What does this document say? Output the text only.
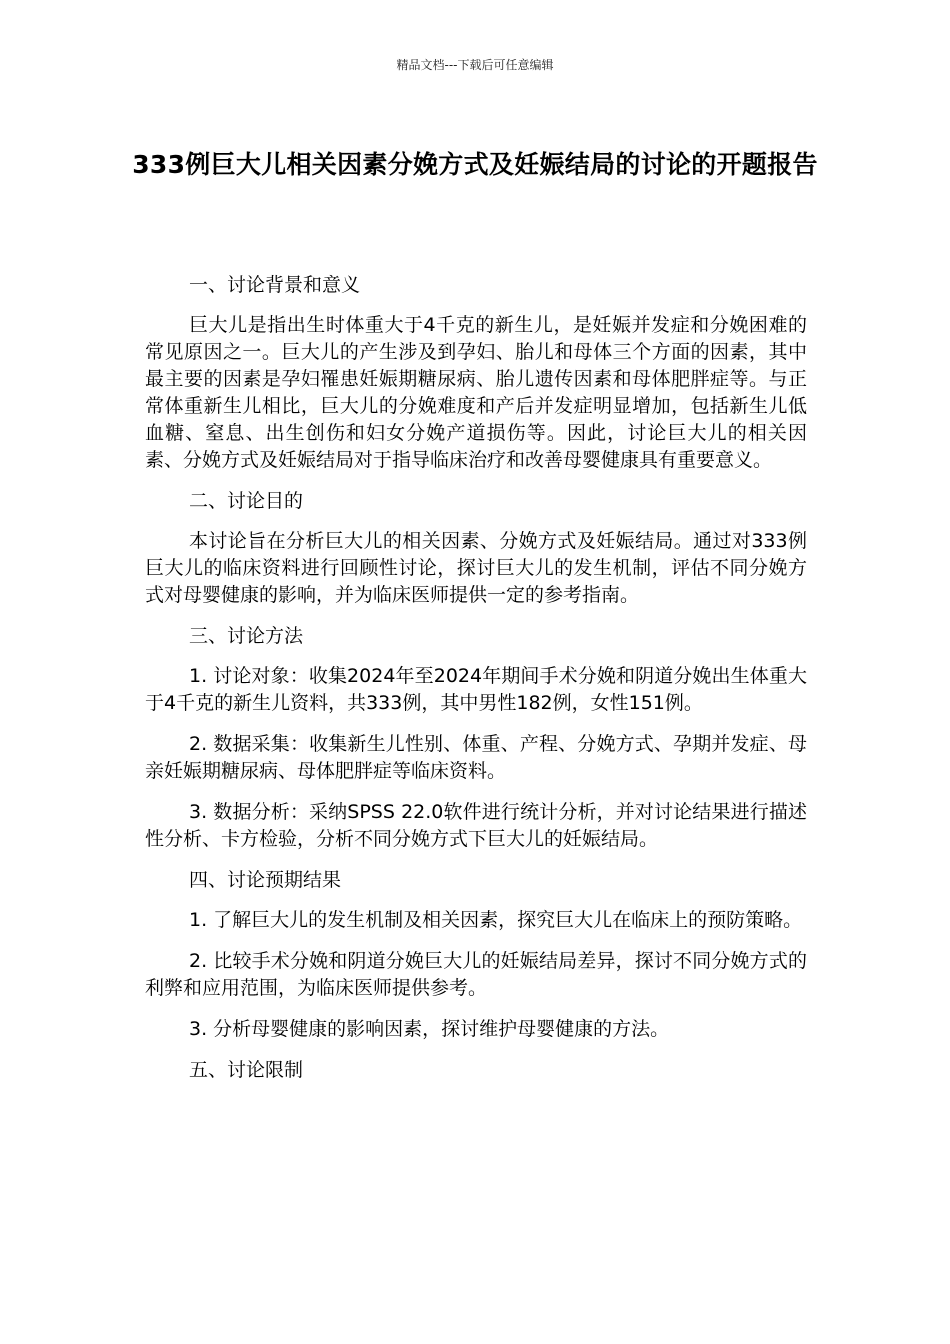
精品文档---下载后可任意编辑
333例巨大儿相关因素分娩方式及妊娠结局的讨论的开题报告

一、讨论背景和意义

巨大儿是指出生时体重大于4千克的新生儿，是妊娠并发症和分娩困难的常见原因之一。巨大儿的产生涉及到孕妇、胎儿和母体三个方面的因素，其中最主要的因素是孕妇罹患妊娠期糖尿病、胎儿遗传因素和母体肥胖症等。与正常体重新生儿相比，巨大儿的分娩难度和产后并发症明显增加，包括新生儿低血糖、窒息、出生创伤和妇女分娩产道损伤等。因此，讨论巨大儿的相关因素、分娩方式及妊娠结局对于指导临床治疗和改善母婴健康具有重要意义。

二、讨论目的

本讨论旨在分析巨大儿的相关因素、分娩方式及妊娠结局。通过对333例巨大儿的临床资料进行回顾性讨论，探讨巨大儿的发生机制，评估不同分娩方式对母婴健康的影响，并为临床医师提供一定的参考指南。

三、讨论方法

1. 讨论对象：收集2024年至2024年期间手术分娩和阴道分娩出生体重大于4千克的新生儿资料，共333例，其中男性182例，女性151例。

2. 数据采集：收集新生儿性别、体重、产程、分娩方式、孕期并发症、母亲妊娠期糖尿病、母体肥胖症等临床资料。

3. 数据分析：采纳SPSS 22.0软件进行统计分析，并对讨论结果进行描述性分析、卡方检验，分析不同分娩方式下巨大儿的妊娠结局。

四、讨论预期结果

1. 了解巨大儿的发生机制及相关因素，探究巨大儿在临床上的预防策略。

2. 比较手术分娩和阴道分娩巨大儿的妊娠结局差异，探讨不同分娩方式的利弊和应用范围，为临床医师提供参考。

3. 分析母婴健康的影响因素，探讨维护母婴健康的方法。

五、讨论限制
